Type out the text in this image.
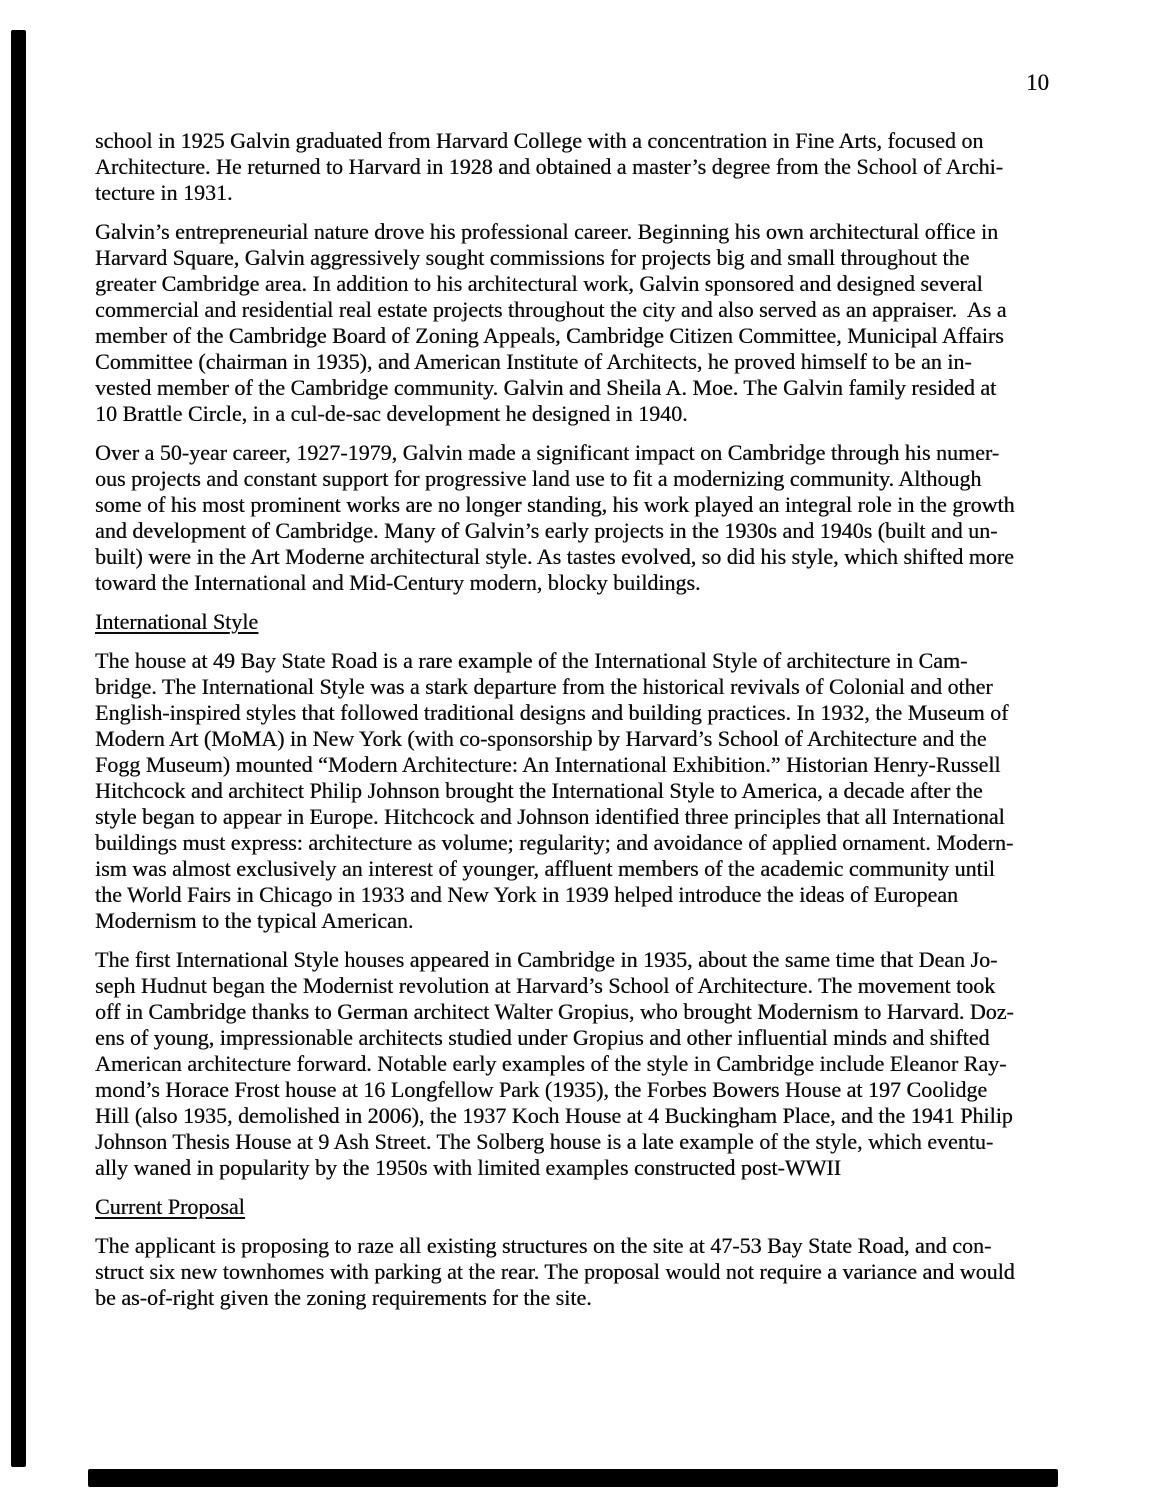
10
school in 1925 Galvin graduated from Harvard College with a concentration in Fine Arts, focused on
Architecture. He returned to Harvard in 1928 and obtained a master’s degree from the School of Archi-
tecture in 1931.
Galvin’s entrepreneurial nature drove his professional career. Beginning his own architectural office in
Harvard Square, Galvin aggressively sought commissions for projects big and small throughout the
greater Cambridge area. In addition to his architectural work, Galvin sponsored and designed several
commercial and residential real estate projects throughout the city and also served as an appraiser.  As a
member of the Cambridge Board of Zoning Appeals, Cambridge Citizen Committee, Municipal Affairs
Committee (chairman in 1935), and American Institute of Architects, he proved himself to be an in-
vested member of the Cambridge community. Galvin and Sheila A. Moe. The Galvin family resided at
10 Brattle Circle, in a cul-de-sac development he designed in 1940.
Over a 50-year career, 1927-1979, Galvin made a significant impact on Cambridge through his numer-
ous projects and constant support for progressive land use to fit a modernizing community. Although
some of his most prominent works are no longer standing, his work played an integral role in the growth
and development of Cambridge. Many of Galvin’s early projects in the 1930s and 1940s (built and un-
built) were in the Art Moderne architectural style. As tastes evolved, so did his style, which shifted more
toward the International and Mid-Century modern, blocky buildings.
International Style
The house at 49 Bay State Road is a rare example of the International Style of architecture in Cam-
bridge. The International Style was a stark departure from the historical revivals of Colonial and other
English-inspired styles that followed traditional designs and building practices. In 1932, the Museum of
Modern Art (MoMA) in New York (with co-sponsorship by Harvard’s School of Architecture and the
Fogg Museum) mounted “Modern Architecture: An International Exhibition.” Historian Henry-Russell
Hitchcock and architect Philip Johnson brought the International Style to America, a decade after the
style began to appear in Europe. Hitchcock and Johnson identified three principles that all International
buildings must express: architecture as volume; regularity; and avoidance of applied ornament. Modern-
ism was almost exclusively an interest of younger, affluent members of the academic community until
the World Fairs in Chicago in 1933 and New York in 1939 helped introduce the ideas of European
Modernism to the typical American.
The first International Style houses appeared in Cambridge in 1935, about the same time that Dean Jo-
seph Hudnut began the Modernist revolution at Harvard’s School of Architecture. The movement took
off in Cambridge thanks to German architect Walter Gropius, who brought Modernism to Harvard. Doz-
ens of young, impressionable architects studied under Gropius and other influential minds and shifted
American architecture forward. Notable early examples of the style in Cambridge include Eleanor Ray-
mond’s Horace Frost house at 16 Longfellow Park (1935), the Forbes Bowers House at 197 Coolidge
Hill (also 1935, demolished in 2006), the 1937 Koch House at 4 Buckingham Place, and the 1941 Philip
Johnson Thesis House at 9 Ash Street. The Solberg house is a late example of the style, which eventu-
ally waned in popularity by the 1950s with limited examples constructed post-WWII
Current Proposal
The applicant is proposing to raze all existing structures on the site at 47-53 Bay State Road, and con-
struct six new townhomes with parking at the rear. The proposal would not require a variance and would
be as-of-right given the zoning requirements for the site.
